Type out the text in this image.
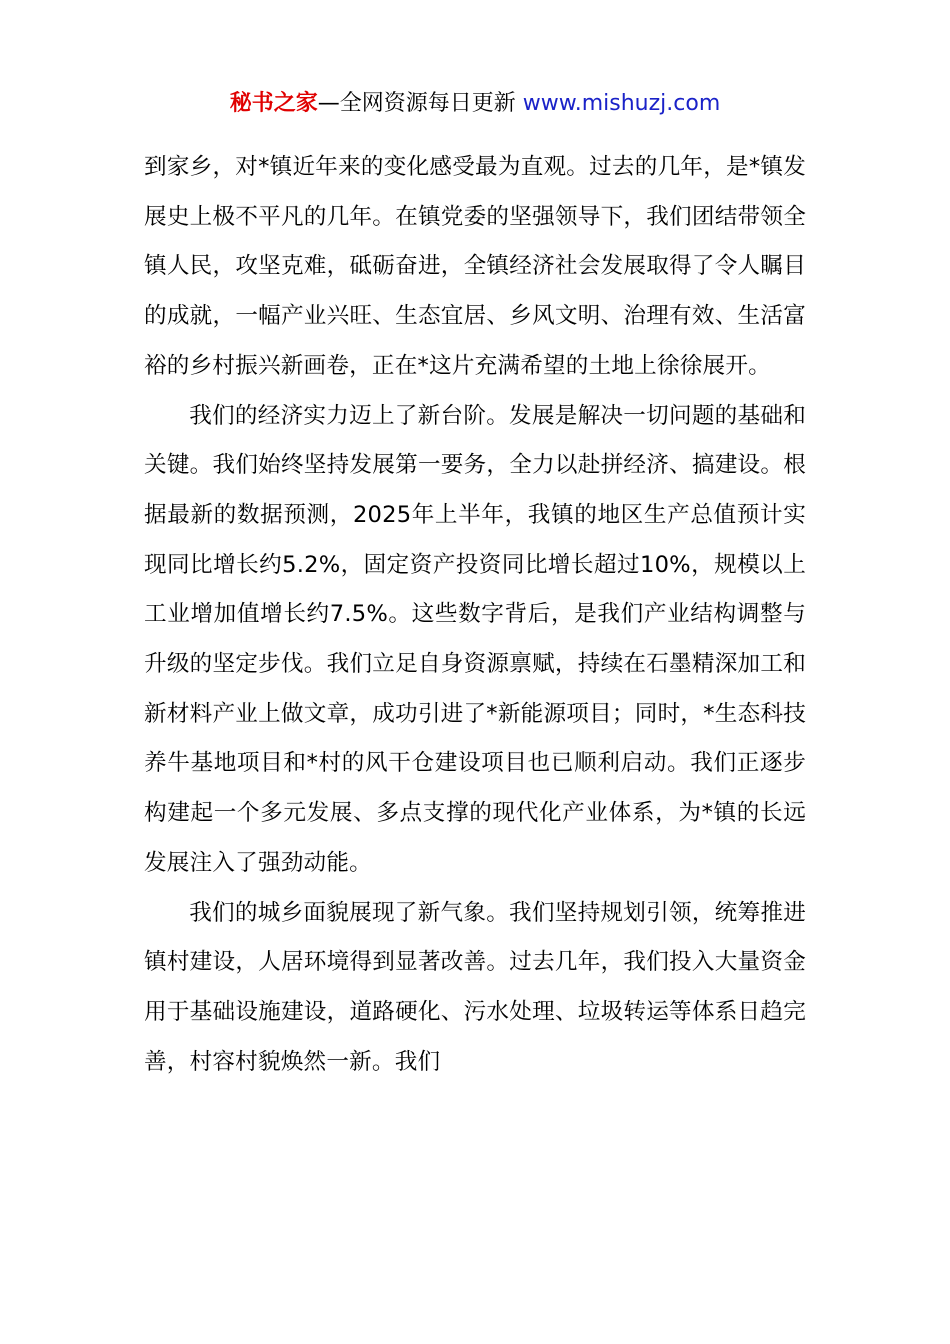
秘书之家—全网资源每日更新 www.mishuzj.com

到家乡，对*镇近年来的变化感受最为直观。过去的几年，是*镇发展史上极不平凡的几年。在镇党委的坚强领导下，我们团结带领全镇人民，攻坚克难，砥砺奋进，全镇经济社会发展取得了令人瞩目的成就，一幅产业兴旺、生态宜居、乡风文明、治理有效、生活富裕的乡村振兴新画卷，正在*这片充满希望的土地上徐徐展开。

我们的经济实力迈上了新台阶。发展是解决一切问题的基础和关键。我们始终坚持发展第一要务，全力以赴拼经济、搞建设。根据最新的数据预测，2025年上半年，我镇的地区生产总值预计实现同比增长约5.2%，固定资产投资同比增长超过10%，规模以上工业增加值增长约7.5%。这些数字背后，是我们产业结构调整与升级的坚定步伐。我们立足自身资源禀赋，持续在石墨精深加工和新材料产业上做文章，成功引进了*新能源项目；同时，*生态科技养牛基地项目和*村的风干仓建设项目也已顺利启动。我们正逐步构建起一个多元发展、多点支撑的现代化产业体系，为*镇的长远发展注入了强劲动能。

我们的城乡面貌展现了新气象。我们坚持规划引领，统筹推进镇村建设，人居环境得到显著改善。过去几年，我们投入大量资金用于基础设施建设，道路硬化、污水处理、垃圾转运等体系日趋完善，村容村貌焕然一新。我们
